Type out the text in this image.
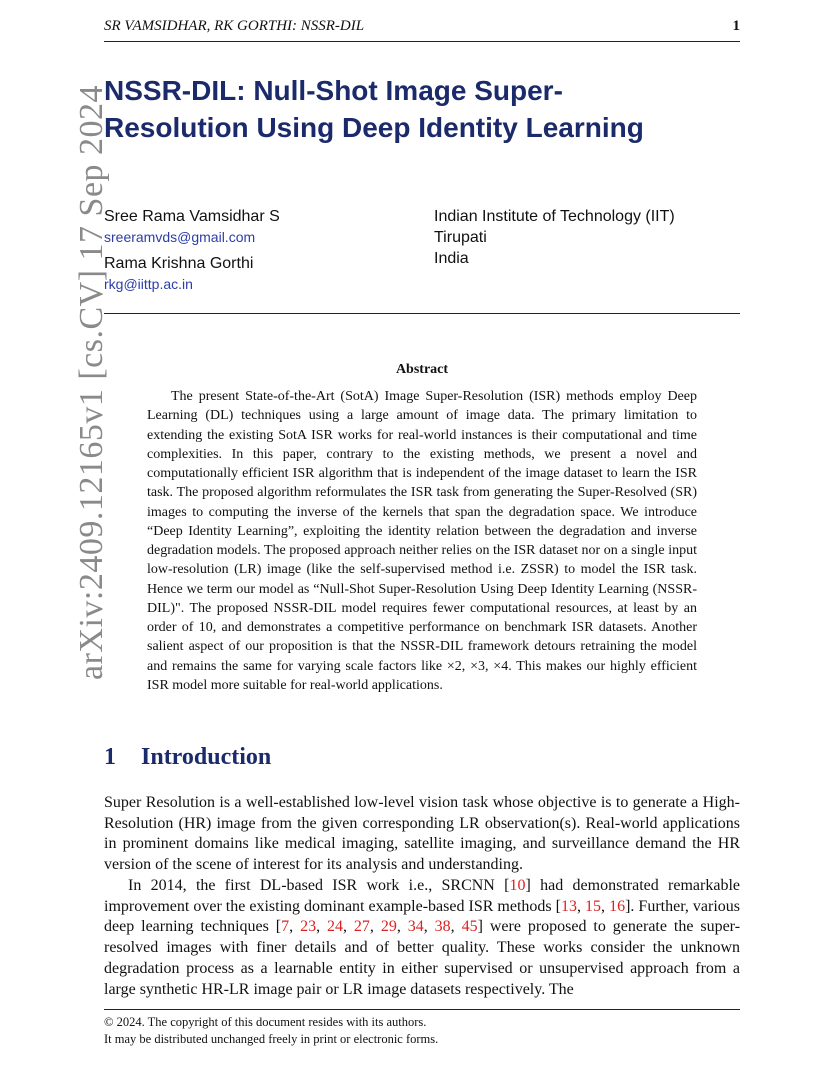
SR VAMSIDHAR, RK GORTHI: NSSR-DIL	1
arXiv:2409.12165v1 [cs.CV] 17 Sep 2024
NSSR-DIL: Null-Shot Image Super-Resolution Using Deep Identity Learning
Sree Rama Vamsidhar S
sreeramvds@gmail.com
Rama Krishna Gorthi
rkg@iittp.ac.in
Indian Institute of Technology (IIT)
Tirupati
India
Abstract
The present State-of-the-Art (SotA) Image Super-Resolution (ISR) methods employ Deep Learning (DL) techniques using a large amount of image data. The primary limitation to extending the existing SotA ISR works for real-world instances is their computational and time complexities. In this paper, contrary to the existing methods, we present a novel and computationally efficient ISR algorithm that is independent of the image dataset to learn the ISR task. The proposed algorithm reformulates the ISR task from generating the Super-Resolved (SR) images to computing the inverse of the kernels that span the degradation space. We introduce “Deep Identity Learning”, exploiting the identity relation between the degradation and inverse degradation models. The proposed approach neither relies on the ISR dataset nor on a single input low-resolution (LR) image (like the self-supervised method i.e. ZSSR) to model the ISR task. Hence we term our model as “Null-Shot Super-Resolution Using Deep Identity Learning (NSSR-DIL)". The proposed NSSR-DIL model requires fewer computational resources, at least by an order of 10, and demonstrates a competitive performance on benchmark ISR datasets. Another salient aspect of our proposition is that the NSSR-DIL framework detours retraining the model and remains the same for varying scale factors like ×2, ×3, ×4. This makes our highly efficient ISR model more suitable for real-world applications.
1 Introduction

Super Resolution is a well-established low-level vision task whose objective is to generate a High-Resolution (HR) image from the given corresponding LR observation(s). Real-world applications in prominent domains like medical imaging, satellite imaging, and surveillance demand the HR version of the scene of interest for its analysis and understanding.

In 2014, the first DL-based ISR work i.e., SRCNN [10] had demonstrated remarkable improvement over the existing dominant example-based ISR methods [13, 15, 16]. Further, various deep learning techniques [7, 23, 24, 27, 29, 34, 38, 45] were proposed to generate the super-resolved images with finer details and of better quality. These works consider the unknown degradation process as a learnable entity in either supervised or unsupervised approach from a large synthetic HR-LR image pair or LR image datasets respectively. The

© 2024. The copyright of this document resides with its authors.
It may be distributed unchanged freely in print or electronic forms.
